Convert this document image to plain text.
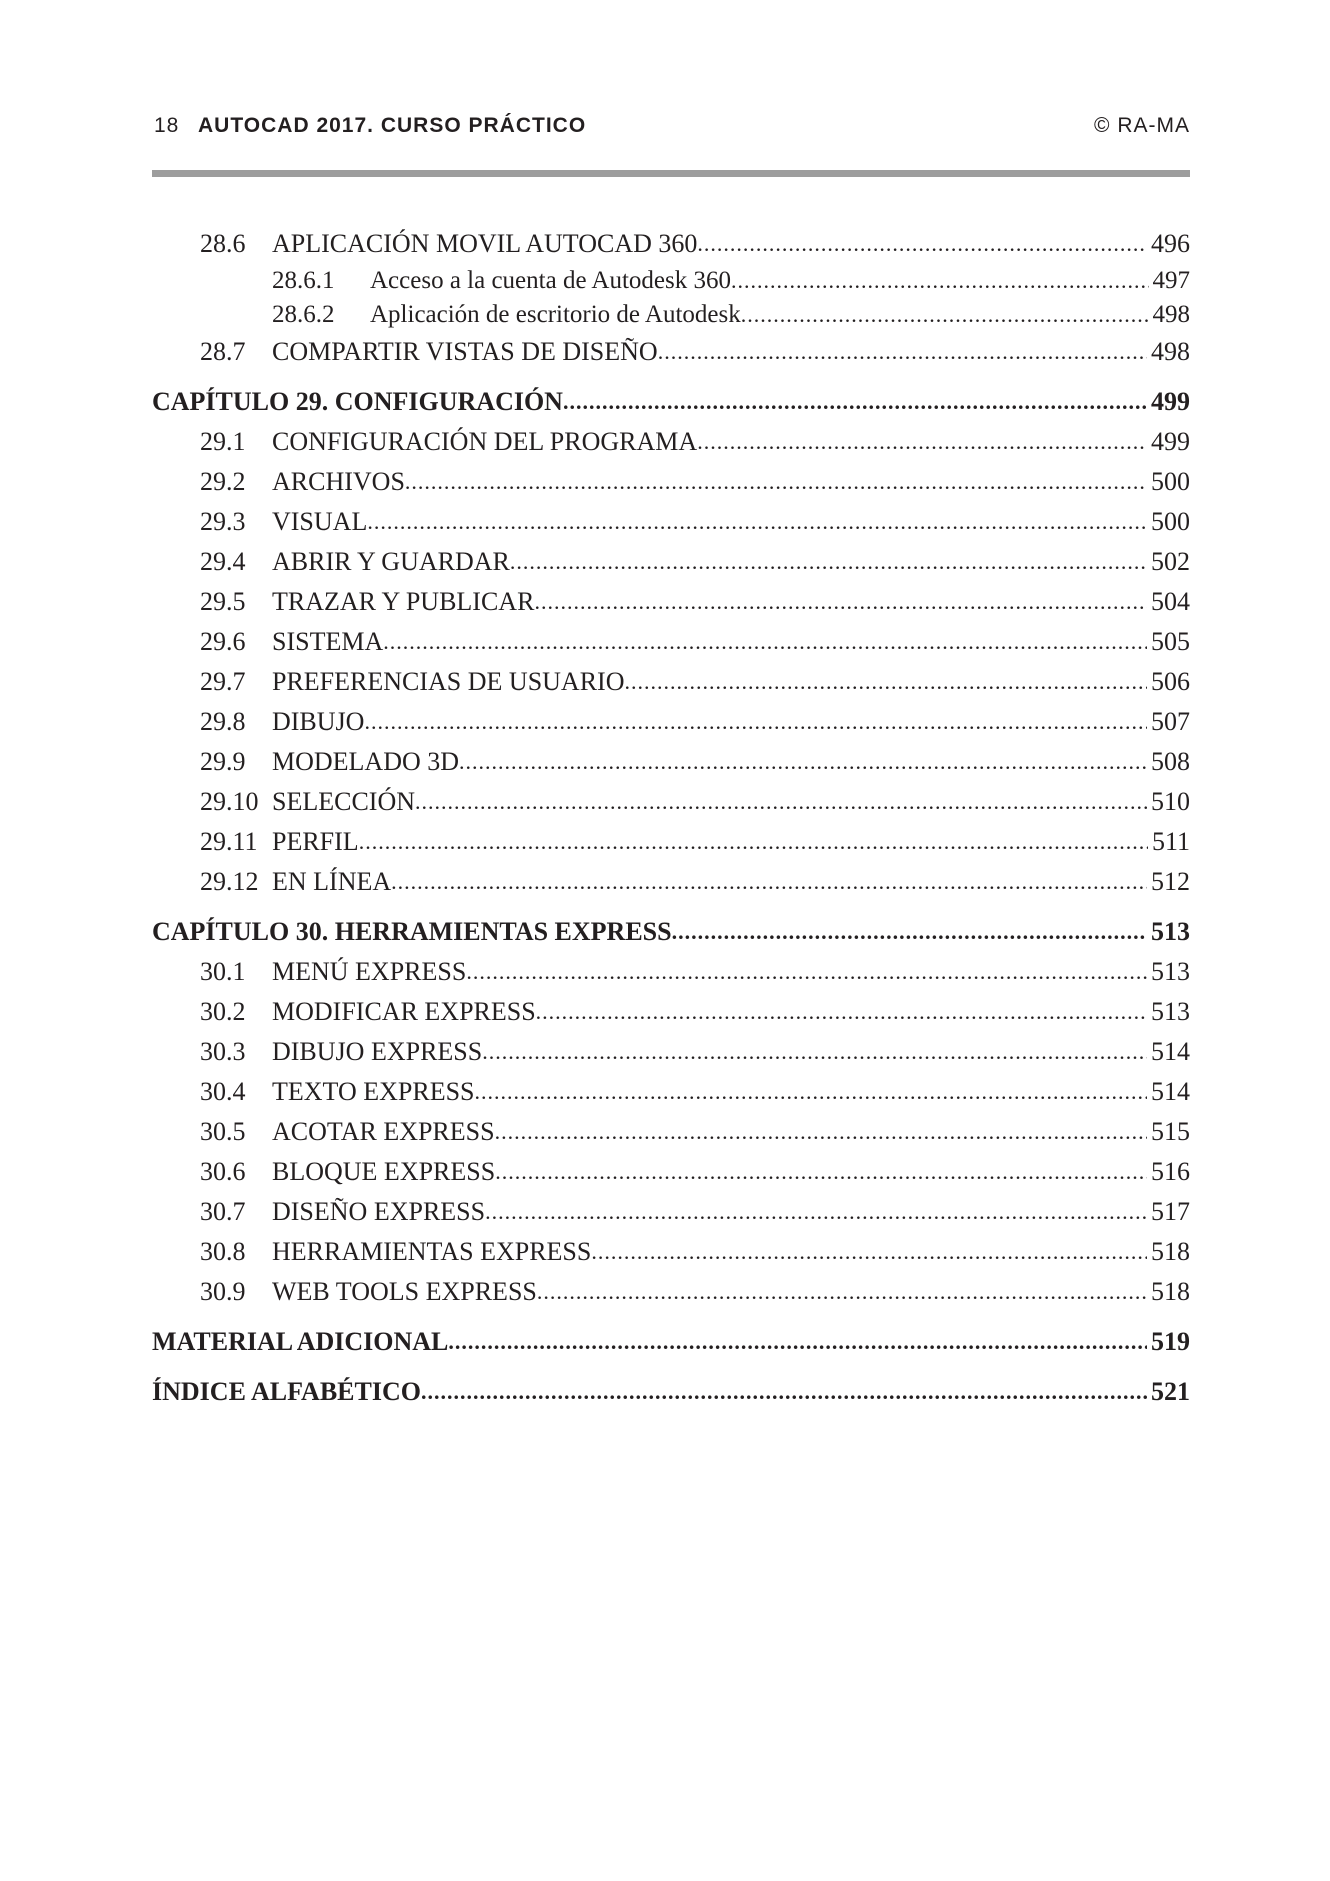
18 AUTOCAD 2017. CURSO PRÁCTICO	© RA-MA
28.6 APLICACIÓN MOVIL AUTOCAD 360 .....	496
28.6.1	Acceso a la cuenta de Autodesk 360 .....	497
28.6.2	Aplicación de escritorio de Autodesk .....	498
28.7 COMPARTIR VISTAS DE DISEÑO .....	498
CAPÍTULO 29. CONFIGURACIÓN .....	499
29.1 CONFIGURACIÓN DEL PROGRAMA .....	499
29.2 ARCHIVOS .....	500
29.3 VISUAL .....	500
29.4 ABRIR Y GUARDAR .....	502
29.5 TRAZAR Y PUBLICAR .....	504
29.6 SISTEMA .....	505
29.7 PREFERENCIAS DE USUARIO .....	506
29.8 DIBUJO .....	507
29.9 MODELADO 3D .....	508
29.10 SELECCIÓN .....	510
29.11 PERFIL .....	511
29.12 EN LÍNEA .....	512
CAPÍTULO 30. HERRAMIENTAS EXPRESS .....	513
30.1 MENÚ EXPRESS .....	513
30.2 MODIFICAR EXPRESS .....	513
30.3 DIBUJO EXPRESS .....	514
30.4 TEXTO EXPRESS .....	514
30.5 ACOTAR EXPRESS .....	515
30.6 BLOQUE EXPRESS .....	516
30.7 DISEÑO EXPRESS .....	517
30.8 HERRAMIENTAS EXPRESS .....	518
30.9 WEB TOOLS EXPRESS .....	518
MATERIAL ADICIONAL .....	519
ÍNDICE ALFABÉTICO .....	521
